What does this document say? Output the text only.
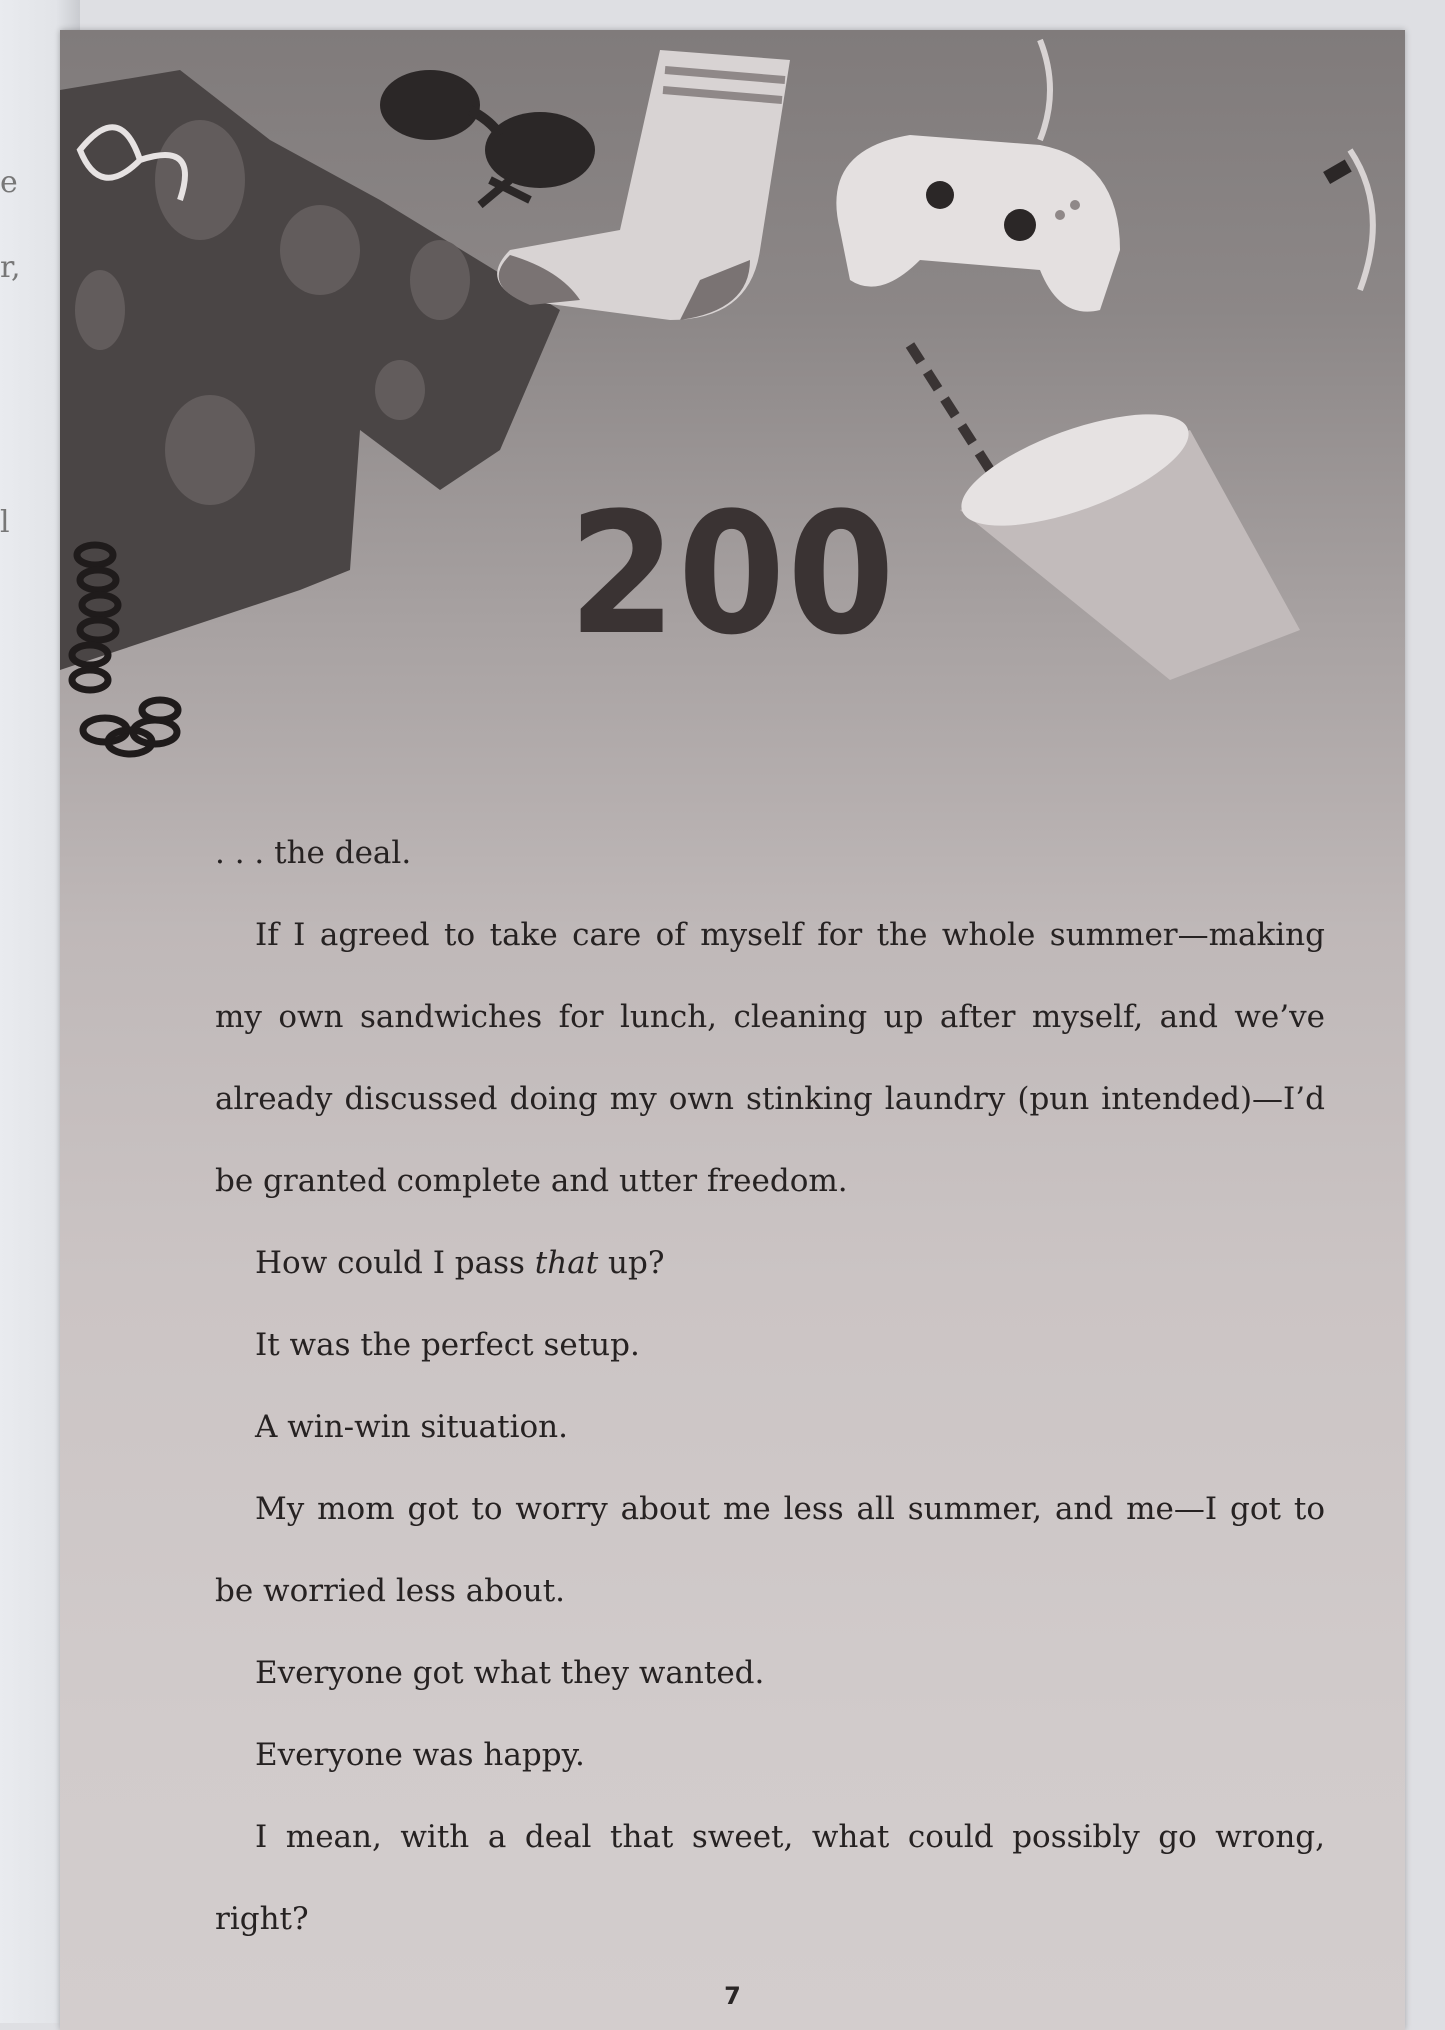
e
r,
l	200

. . . the deal.

If I agreed to take care of myself for the whole summer—making my own sandwiches for lunch, cleaning up after myself, and we’ve already discussed doing my own stinking laundry (pun intended)—I’d be granted complete and utter freedom.

How could I pass that up?

It was the perfect setup.

A win-win situation.

My mom got to worry about me less all summer, and me—I got to be worried less about.

Everyone got what they wanted.

Everyone was happy.

I mean, with a deal that sweet, what could possibly go wrong, right?

7
